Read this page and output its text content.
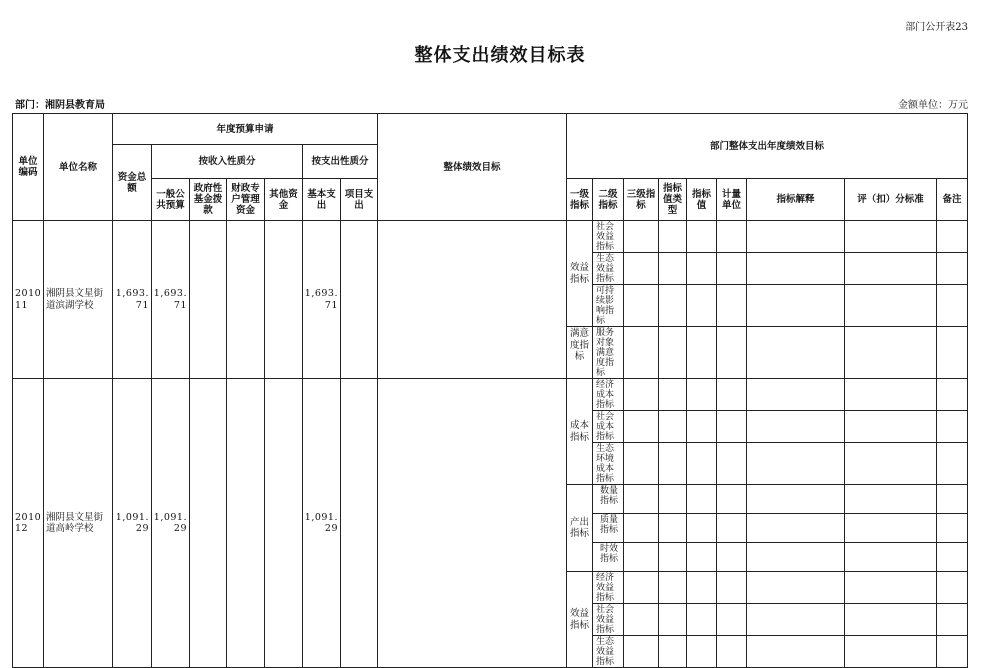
部门公开表23
整体支出绩效目标表
部门：湘阴县教育局	金额单位：万元
单位编码	单位名称	年度预算申请							整体绩效目标	部门整体支出年度绩效目标								
		资金总额	按收入性质分				按支出性质分											
			一般公共预算	政府性基金拨款	财政专户管理资金	其他资金	基本支出	项目支出		一级指标	二级指标	三级指标	指标值类型	指标值	计量单位	指标解释	评（扣）分标准	备注
201011	湘阴县文星街道滨湖学校	1,693.71	1,693.71				1,693.71			效益指标	社会效益指标							
											生态效益指标							
											可持续影响指标							
										满意度指标	服务对象满意度指标							
201012	湘阴县文星街道高岭学校	1,091.29	1,091.29				1,091.29			成本指标	经济成本指标							
											社会成本指标							
											生态环境成本指标							
										产出指标	数量指标							
											质量指标							
											时效指标							
										效益指标	经济效益指标							
											社会效益指标							
											生态效益指标							
